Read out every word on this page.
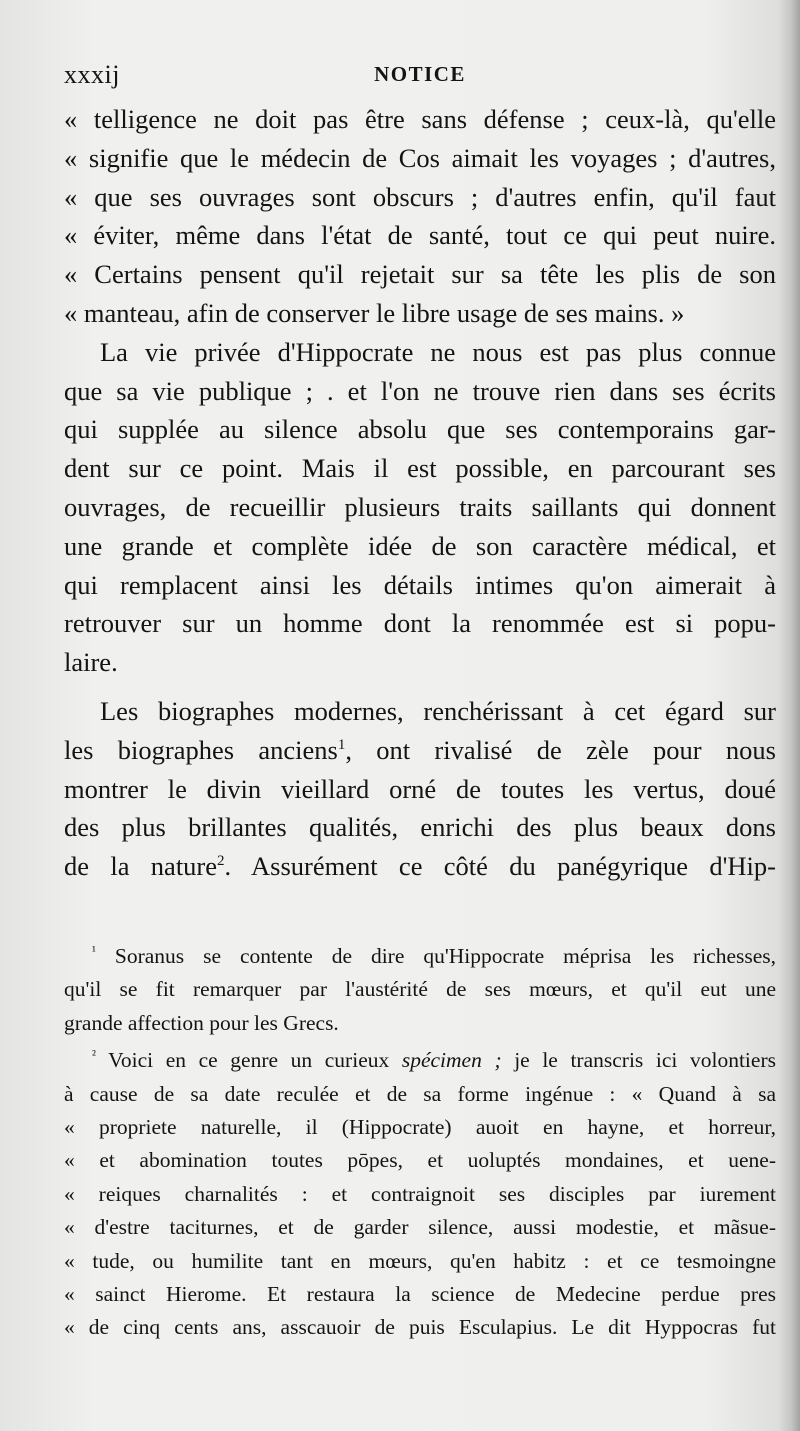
xxxij	NOTICE
« telligence ne doit pas être sans défense ; ceux-là, qu'elle
« signifie que le médecin de Cos aimait les voyages ; d'autres,
« que ses ouvrages sont obscurs ; d'autres enfin, qu'il faut
« éviter, même dans l'état de santé, tout ce qui peut nuire.
« Certains pensent qu'il rejetait sur sa tête les plis de son
« manteau, afin de conserver le libre usage de ses mains. »
La vie privée d'Hippocrate ne nous est pas plus connue
que sa vie publique ; . et l'on ne trouve rien dans ses écrits
qui supplée au silence absolu que ses contemporains gar-
dent sur ce point. Mais il est possible, en parcourant ses
ouvrages, de recueillir plusieurs traits saillants qui donnent
une grande et complète idée de son caractère médical, et
qui remplacent ainsi les détails intimes qu'on aimerait à
retrouver sur un homme dont la renommée est si popu-
laire.
Les biographes modernes, renchérissant à cet égard sur
les biographes anciens$^1$, ont rivalisé de zèle pour nous
montrer le divin vieillard orné de toutes les vertus, doué
des plus brillantes qualités, enrichi des plus beaux dons
de la nature$^2$. Assurément ce côté du panégyrique d'Hip-
$^{^1}$ Soranus se contente de dire qu'Hippocrate méprisa les richesses,
qu'il se fit remarquer par l'austérité de ses mœurs, et qu'il eut une
grande affection pour les Grecs.
$^{^2}$ Voici en ce genre un curieux spécimen ; je le transcris ici volontiers
à cause de sa date reculée et de sa forme ingénue : « Quand à sa
« propriete naturelle, il (Hippocrate) auoit en hayne, et horreur,
« et abomination toutes pōpes, et uoluptés mondaines, et uene-
« reiques charnalités : et contraignoit ses disciples par iurement
« d'estre taciturnes, et de garder silence, aussi modestie, et mãsue-
« tude, ou humilite tant en mœurs, qu'en habitz : et ce tesmoingne
« sainct Hierome. Et restaura la science de Medecine perdue pres
« de cinq cents ans, asscauoir de puis Esculapius. Le dit Hyppocras fut
